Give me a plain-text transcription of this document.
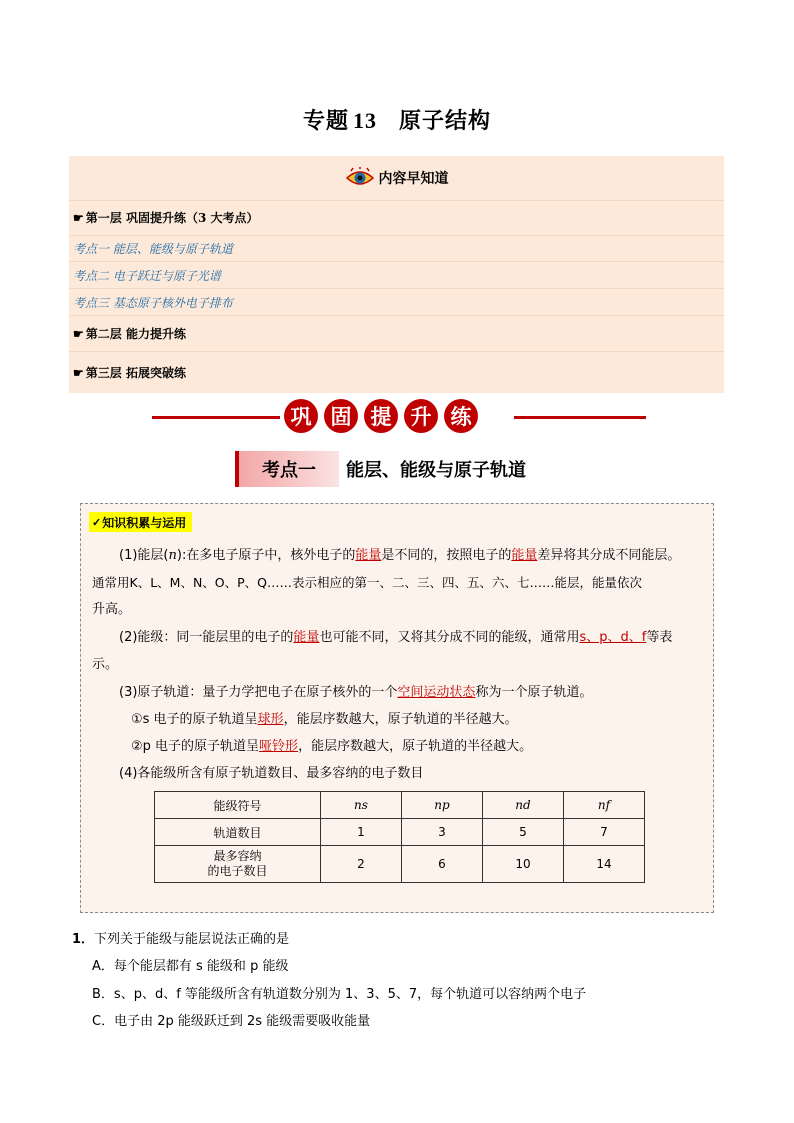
专题 13 原子结构
内容早知道
☛ 第一层 巩固提升练（3 大考点）
考点一 能层、能级与原子轨道
考点二 电子跃迁与原子光谱
考点三 基态原子核外电子排布
☛ 第二层 能力提升练
☛ 第三层 拓展突破练
巩 固 提 升 练
考点一	能层、能级与原子轨道
✓ 知识积累与运用
(1)能层(n):在多电子原子中，核外电子的能量是不同的，按照电子的能量差异将其分成不同能层。
通常用K、L、M、N、O、P、Q……表示相应的第一、二、三、四、五、六、七……能层，能量依次
升高。
(2)能级：同一能层里的电子的能量也可能不同，又将其分成不同的能级，通常用s、p、d、f等表
示。
(3)原子轨道：量子力学把电子在原子核外的一个空间运动状态称为一个原子轨道。
①s 电子的原子轨道呈球形，能层序数越大，原子轨道的半径越大。
②p 电子的原子轨道呈哑铃形，能层序数越大，原子轨道的半径越大。
(4)各能级所含有原子轨道数目、最多容纳的电子数目
能级符号	ns	np	nd	nf
轨道数目	1	3	5	7
最多容纳
的电子数目	2	6	10	14
1．下列关于能级与能层说法正确的是
A．每个能层都有 s 能级和 p 能级
B．s、p、d、f 等能级所含有轨道数分别为 1、3、5、7，每个轨道可以容纳两个电子
C．电子由 2p 能级跃迁到 2s 能级需要吸收能量
